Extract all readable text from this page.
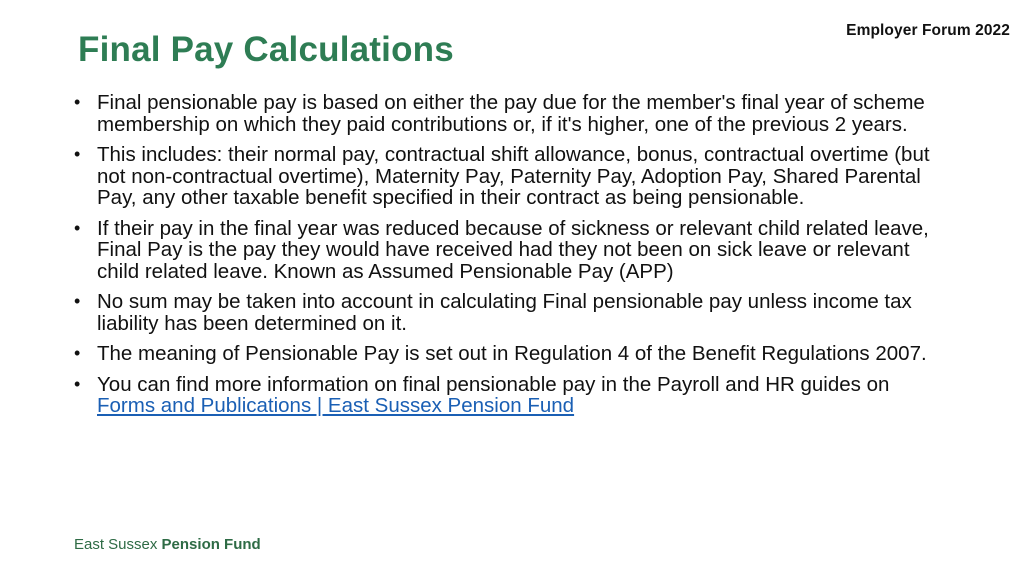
Employer Forum 2022
Final Pay Calculations
• Final pensionable pay is based on either the pay due for the member's final year of scheme membership on which they paid contributions or, if it's higher, one of the previous 2 years.
• This includes: their normal pay, contractual shift allowance, bonus, contractual overtime (but not non-contractual overtime), Maternity Pay, Paternity Pay, Adoption Pay, Shared Parental Pay, any other taxable benefit specified in their contract as being pensionable.
• If their pay in the final year was reduced because of sickness or relevant child related leave, Final Pay is the pay they would have received had they not been on sick leave or relevant child related leave. Known as Assumed Pensionable Pay (APP)
• No sum may be taken into account in calculating Final pensionable pay unless income tax liability has been determined on it.
• The meaning of Pensionable Pay is set out in Regulation 4 of the Benefit Regulations 2007.
• You can find more information on final pensionable pay in the Payroll and HR guides on Forms and Publications | East Sussex Pension Fund
East Sussex Pension Fund
